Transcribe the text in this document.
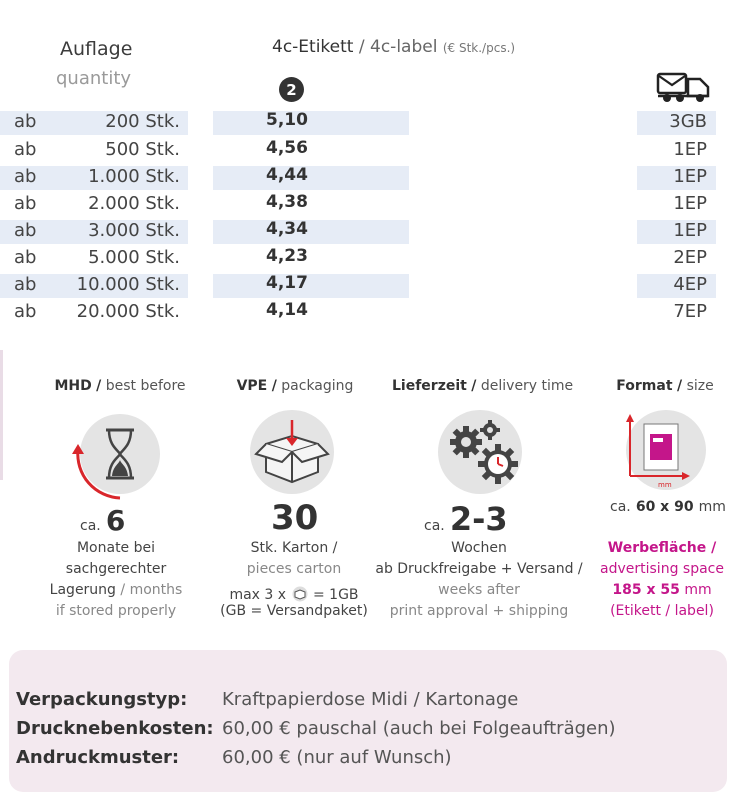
Auflage
quantity
4c-Etikett / 4c-label (€ Stk./pcs.)
2
ab	200 Stk.	5,10	3GB
ab	500 Stk.	4,56	1EP
ab	1.000 Stk.	4,44	1EP
ab	2.000 Stk.	4,38	1EP
ab	3.000 Stk.	4,34	1EP
ab	5.000 Stk.	4,23	2EP
ab 10.000 Stk.	4,17	4EP
ab 20.000 Stk.	4,14	7EP
MHD / best before
ca. 6
Monate bei
sachgerechter
Lagerung / months
if stored properly
VPE / packaging
30
Stk. Karton /
pieces carton
max 3 x = 1GB
(GB = Versandpaket)
Lieferzeit / delivery time
ca. 2-3
Wochen
ab Druckfreigabe + Versand /
weeks after
print approval + shipping
Format / size
mm
ca. 60 x 90 mm
Werbefläche /
advertising space
185 x 55 mm
(Etikett / label)
Verpackungstyp: Kraftpapierdose Midi / Kartonage
Drucknebenkosten: 60,00 € pauschal (auch bei Folgeaufträgen)
Andruckmuster: 60,00 € (nur auf Wunsch)
